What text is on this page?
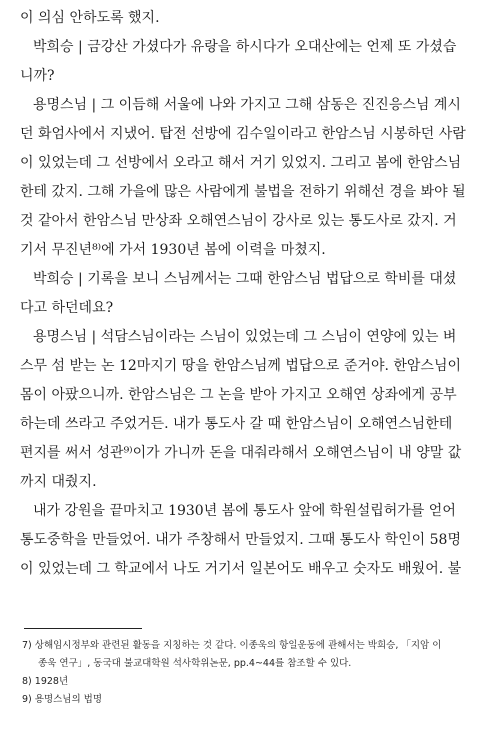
이 의심 안하도록 했지.
박희승 | 금강산 가셨다가 유랑을 하시다가 오대산에는 언제 또 가셨습
니까?
용명스님 | 그 이듬해 서울에 나와 가지고 그해 삼동은 진진응스님 계시
던 화엄사에서 지냈어. 탑전 선방에 김수일이라고 한암스님 시봉하던 사람
이 있었는데 그 선방에서 오라고 해서 거기 있었지. 그리고 봄에 한암스님
한테 갔지. 그해 가을에 많은 사람에게 불법을 전하기 위해선 경을 봐야 될
것 같아서 한암스님 만상좌 오해연스님이 강사로 있는 통도사로 갔지. 거
기서 무진년⁸⁾에 가서 1930년 봄에 이력을 마쳤지.
박희승 | 기록을 보니 스님께서는 그때 한암스님 법답으로 학비를 대셨
다고 하던데요?
용명스님 | 석담스님이라는 스님이 있었는데 그 스님이 연양에 있는 벼
스무 섬 받는 논 12마지기 땅을 한암스님께 법답으로 준거야. 한암스님이
몸이 아팠으니까. 한암스님은 그 논을 받아 가지고 오해연 상좌에게 공부
하는데 쓰라고 주었거든. 내가 통도사 갈 때 한암스님이 오해연스님한테
편지를 써서 성관⁹⁾이가 가니까 돈을 대줘라해서 오해연스님이 내 양말 값
까지 대줬지.
내가 강원을 끝마치고 1930년 봄에 통도사 앞에 학원설립허가를 얻어
통도중학을 만들었어. 내가 주창해서 만들었지. 그때 통도사 학인이 58명
이 있었는데 그 학교에서 나도 거기서 일본어도 배우고 숫자도 배웠어. 불
7) 상해임시정부와 관련된 활동을 지칭하는 것 같다. 이종욱의 항일운동에 관해서는 박희승, 「지암 이
종욱 연구」, 동국대 불교대학원 석사학위논문, pp.4~44를 참조할 수 있다.
8) 1928년
9) 용명스님의 법명
